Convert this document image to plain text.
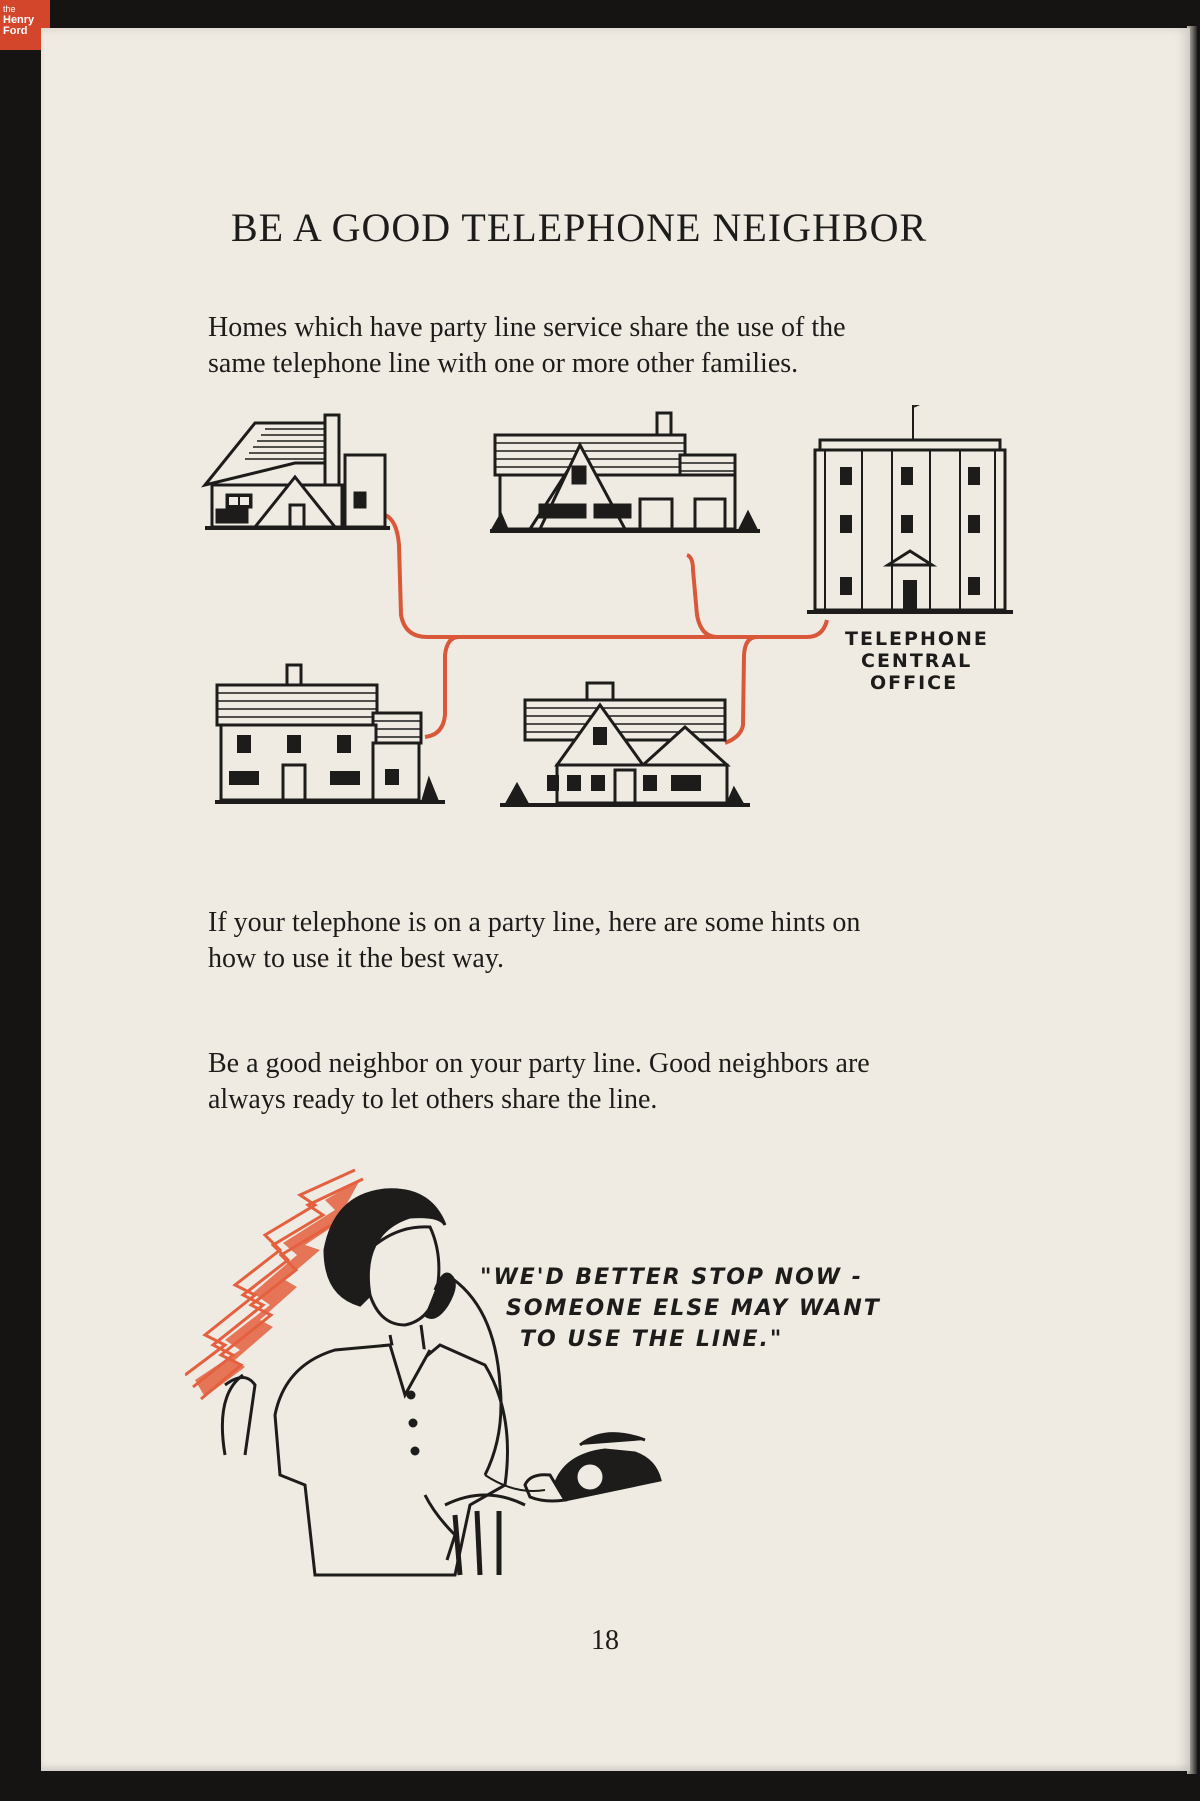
the
Henry
Ford
BE A GOOD TELEPHONE NEIGHBOR
Homes which have party line service share the use of the
same telephone line with one or more other families.
TELEPHONE
CENTRAL
OFFICE
If your telephone is on a party line, here are some hints on
how to use it the best way.
Be a good neighbor on your party line. Good neighbors are
always ready to let others share the line.
"WE'D BETTER STOP NOW -
SOMEONE ELSE MAY WANT
TO USE THE LINE."
18
